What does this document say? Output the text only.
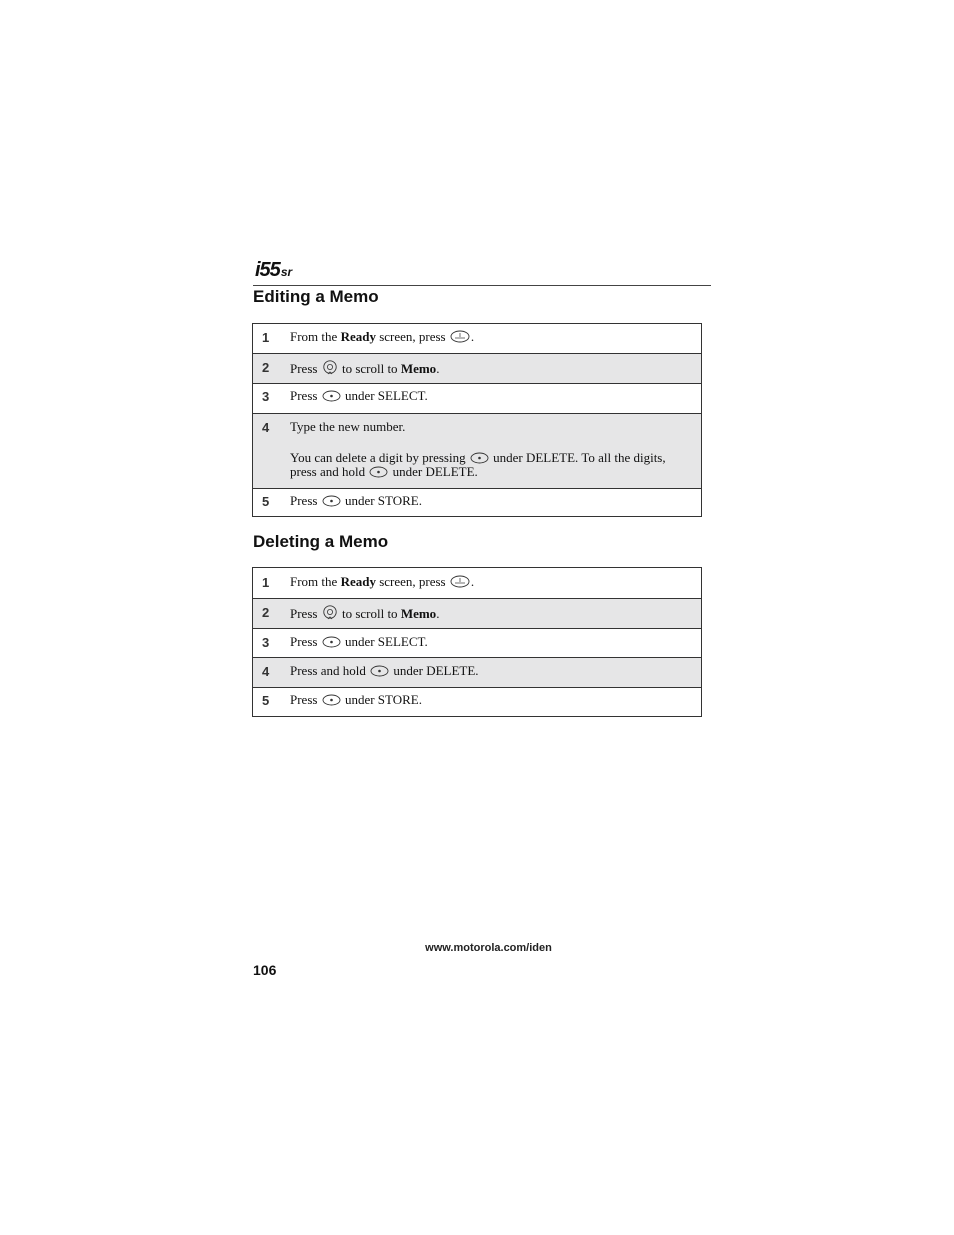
i55 sr
Editing a Memo
1	From the Ready screen, press .
2	Press  to scroll to Memo.
3	Press  under SELECT.
4	Type the new number.
You can delete a digit by pressing  under DELETE. To all the digits, press and hold  under DELETE.
5	Press  under STORE.
Deleting a Memo
1	From the Ready screen, press .
2	Press  to scroll to Memo.
3	Press  under SELECT.
4	Press and hold  under DELETE.
5	Press  under STORE.
www.motorola.com/iden
106
